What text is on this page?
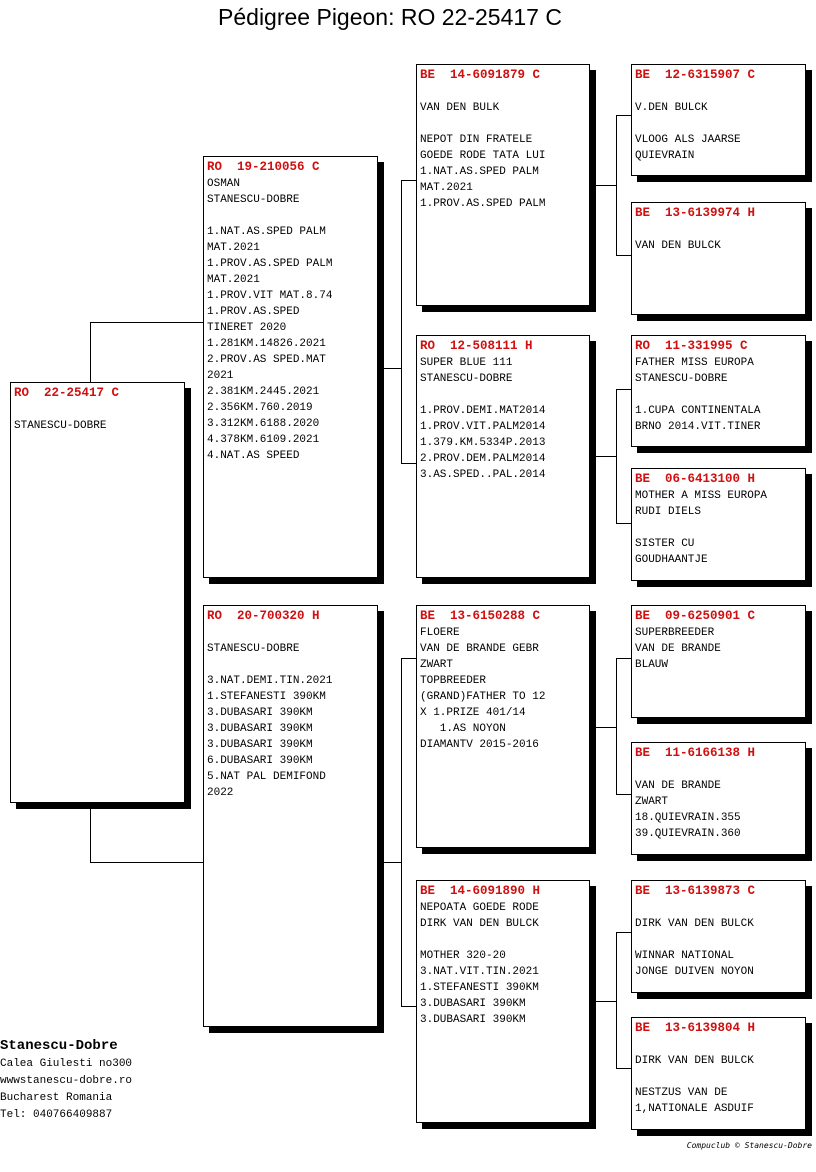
Pédigree Pigeon: RO 22-25417 C
RO  22-25417 C
STANESCU-DOBRE
RO  19-210056 C
OSMAN
STANESCU-DOBRE
1.NAT.AS.SPED PALM
MAT.2021
1.PROV.AS.SPED PALM
MAT.2021
1.PROV.VIT MAT.8.74
1.PROV.AS.SPED
TINERET 2020
1.281KM.14826.2021
2.PROV.AS SPED.MAT
2021
2.381KM.2445.2021
2.356KM.760.2019
3.312KM.6188.2020
4.378KM.6109.2021
4.NAT.AS SPEED
RO  20-700320 H
STANESCU-DOBRE
3.NAT.DEMI.TIN.2021
1.STEFANESTI 390KM
3.DUBASARI 390KM
3.DUBASARI 390KM
3.DUBASARI 390KM
6.DUBASARI 390KM
5.NAT PAL DEMIFOND
2022
BE  14-6091879 C
VAN DEN BULK
NEPOT DIN FRATELE
GOEDE RODE TATA LUI
1.NAT.AS.SPED PALM
MAT.2021
1.PROV.AS.SPED PALM
RO  12-508111 H
SUPER BLUE 111
STANESCU-DOBRE
1.PROV.DEMI.MAT2014
1.PROV.VIT.PALM2014
1.379.KM.5334P.2013
2.PROV.DEM.PALM2014
3.AS.SPED..PAL.2014
BE  13-6150288 C
FLOERE
VAN DE BRANDE GEBR
ZWART
TOPBREEDER
(GRAND)FATHER TO 12
X 1.PRIZE 401/14
1.AS NOYON
DIAMANTV 2015-2016
BE  14-6091890 H
NEPOATA GOEDE RODE
DIRK VAN DEN BULCK
MOTHER 320-20
3.NAT.VIT.TIN.2021
1.STEFANESTI 390KM
3.DUBASARI 390KM
3.DUBASARI 390KM
BE  12-6315907 C
V.DEN BULCK
VLOOG ALS JAARSE
QUIEVRAIN
BE  13-6139974 H
VAN DEN BULCK
RO  11-331995 C
FATHER MISS EUROPA
STANESCU-DOBRE
1.CUPA CONTINENTALA
BRNO 2014.VIT.TINER
BE  06-6413100 H
MOTHER A MISS EUROPA
RUDI DIELS
SISTER CU
GOUDHAANTJE
BE  09-6250901 C
SUPERBREEDER
VAN DE BRANDE
BLAUW
BE  11-6166138 H
VAN DE BRANDE
ZWART
18.QUIEVRAIN.355
39.QUIEVRAIN.360
BE  13-6139873 C
DIRK VAN DEN BULCK
WINNAR NATIONAL
JONGE DUIVEN NOYON
BE  13-6139804 H
DIRK VAN DEN BULCK
NESTZUS VAN DE
1,NATIONALE ASDUIF
Stanescu-Dobre
Calea Giulesti no300
wwwstanescu-dobre.ro
Bucharest Romania
Tel: 040766409887
Compuclub © Stanescu-Dobre
